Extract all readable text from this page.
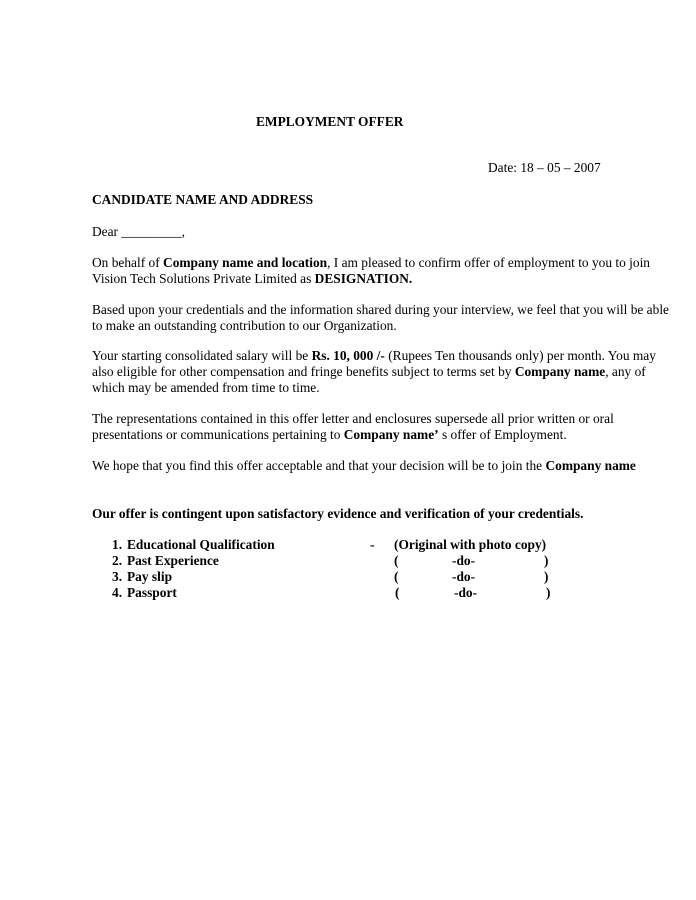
EMPLOYMENT OFFER
Date: 18 – 05 – 2007
CANDIDATE NAME AND ADDRESS
Dear _________,
On behalf of Company name and location, I am pleased to confirm offer of employment to you to join
Vision Tech Solutions Private Limited as DESIGNATION.
Based upon your credentials and the information shared during your interview, we feel that you will be able
to make an outstanding contribution to our Organization.
Your starting consolidated salary will be Rs. 10, 000 /- (Rupees Ten thousands only) per month. You may
also eligible for other compensation and fringe benefits subject to terms set by Company name, any of
which may be amended from time to time.
The representations contained in this offer letter and enclosures supersede all prior written or oral
presentations or communications pertaining to Company name’ s offer of Employment.
We hope that you find this offer acceptable and that your decision will be to join the Company name
Our offer is contingent upon satisfactory evidence and verification of your credentials.
1. Educational Qualification	- (Original with photo copy)
2. Past Experience	(	-do-	)
3. Pay slip	(	-do-	)
4. Passport	(	-do-	)
